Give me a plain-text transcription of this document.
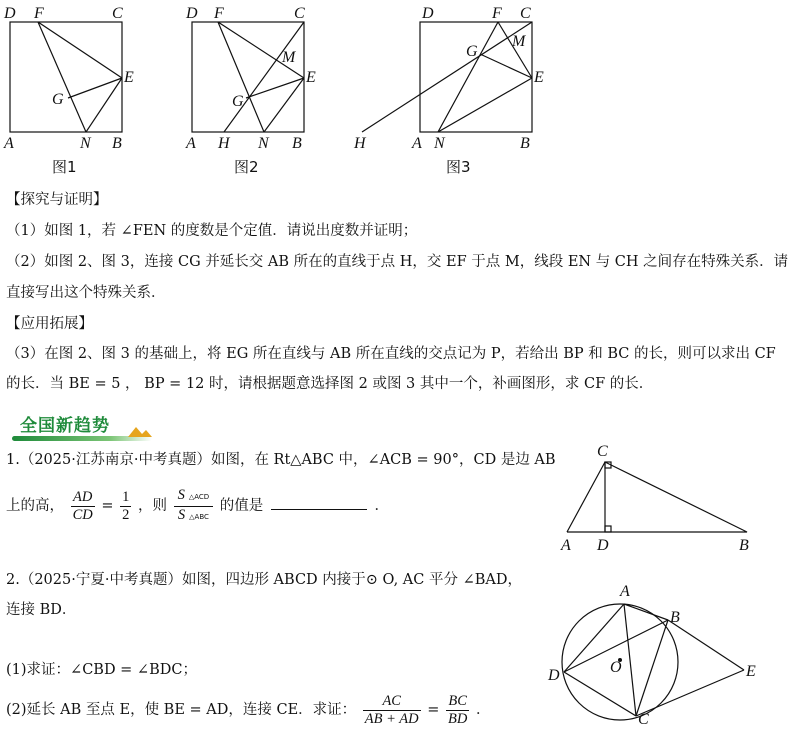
D F	C
E
G
A	N B
图1
D F	C
M
E
G
A H N B
图2
D	F C
M
G
E
H	A N	B
图3
【探究与证明】
（1）如图 1，若 ∠FEN 的度数是个定值．请说出度数并证明；
（2）如图 2、图 3，连接 CG 并延长交 AB 所在的直线于点 H，交 EF 于点 M，线段 EN 与 CH 之间存在特殊关系．请
直接写出这个特殊关系．
【应用拓展】
（3）在图 2、图 3 的基础上，将 EG 所在直线与 AB 所在直线的交点记为 P，若给出 BP 和 BC 的长，则可以求出 CF
的长．当 BE = 5 ， BP = 12 时，请根据题意选择图 2 或图 3 其中一个，补画图形，求 CF 的长．
全国新趋势
1.（2025·江苏南京·中考真题）如图，在 Rt△ABC 中，∠ACB = 90°，CD 是边 AB
上的高， $\frac{AD}{CD} = \frac{1}{2}$ ，则 $\frac{\text{S △ACD}}{\text{S △ABC}}$ 的值是	．
C
A D	B
2.（2025·宁夏·中考真题）如图，四边形 ABCD 内接于⊙ O, AC 平分 ∠BAD，
连接 BD．
(1)求证：∠CBD = ∠BDC；
(2)延长 AB 至点 E，使 BE = AD，连接 CE．求证： $\frac{AC}{AB + AD} = \frac{BC}{BD}$ ．
A
B
O
D	E
C
